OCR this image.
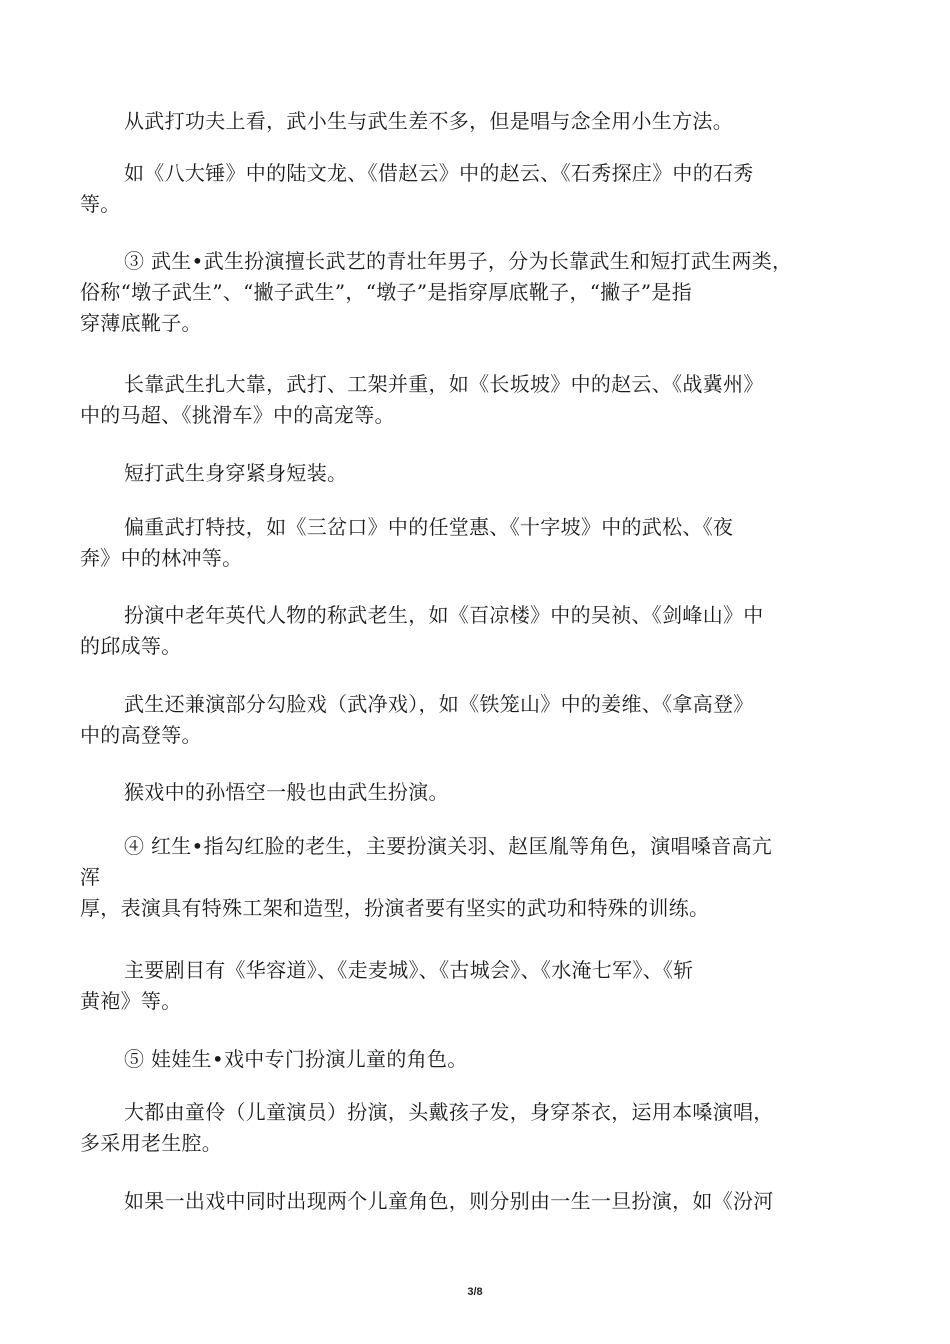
从武打功夫上看，武小生与武生差不多，但是唱与念全用小生方法。
如《八大锤》中的陆文龙、《借赵云》中的赵云、《石秀探庄》中的石秀
等。
③ 武生•武生扮演擅长武艺的青壮年男子，分为长靠武生和短打武生两类，
俗称“墩子武生”、“撇子武生”，“墩子”是指穿厚底靴子，“撇子”是指
穿薄底靴子。
长靠武生扎大靠，武打、工架并重，如《长坂坡》中的赵云、《战冀州》
中的马超、《挑滑车》中的高宠等。
短打武生身穿紧身短装。
偏重武打特技，如《三岔口》中的任堂惠、《十字坡》中的武松、《夜
奔》中的林冲等。
扮演中老年英代人物的称武老生，如《百凉楼》中的吴祯、《剑峰山》中
的邱成等。
武生还兼演部分勾脸戏（武净戏），如《铁笼山》中的姜维、《拿高登》
中的高登等。
猴戏中的孙悟空一般也由武生扮演。
④ 红生•指勾红脸的老生，主要扮演关羽、赵匡胤等角色，演唱嗓音高亢
浑
厚，表演具有特殊工架和造型，扮演者要有坚实的武功和特殊的训练。
主要剧目有《华容道》、《走麦城》、《古城会》、《水淹七军》、《斩
黄袍》等。
⑤ 娃娃生•戏中专门扮演儿童的角色。
大都由童伶（儿童演员）扮演，头戴孩子发，身穿茶衣，运用本嗓演唱，
多采用老生腔。
如果一出戏中同时出现两个儿童角色，则分别由一生一旦扮演，如《汾河
3/8
